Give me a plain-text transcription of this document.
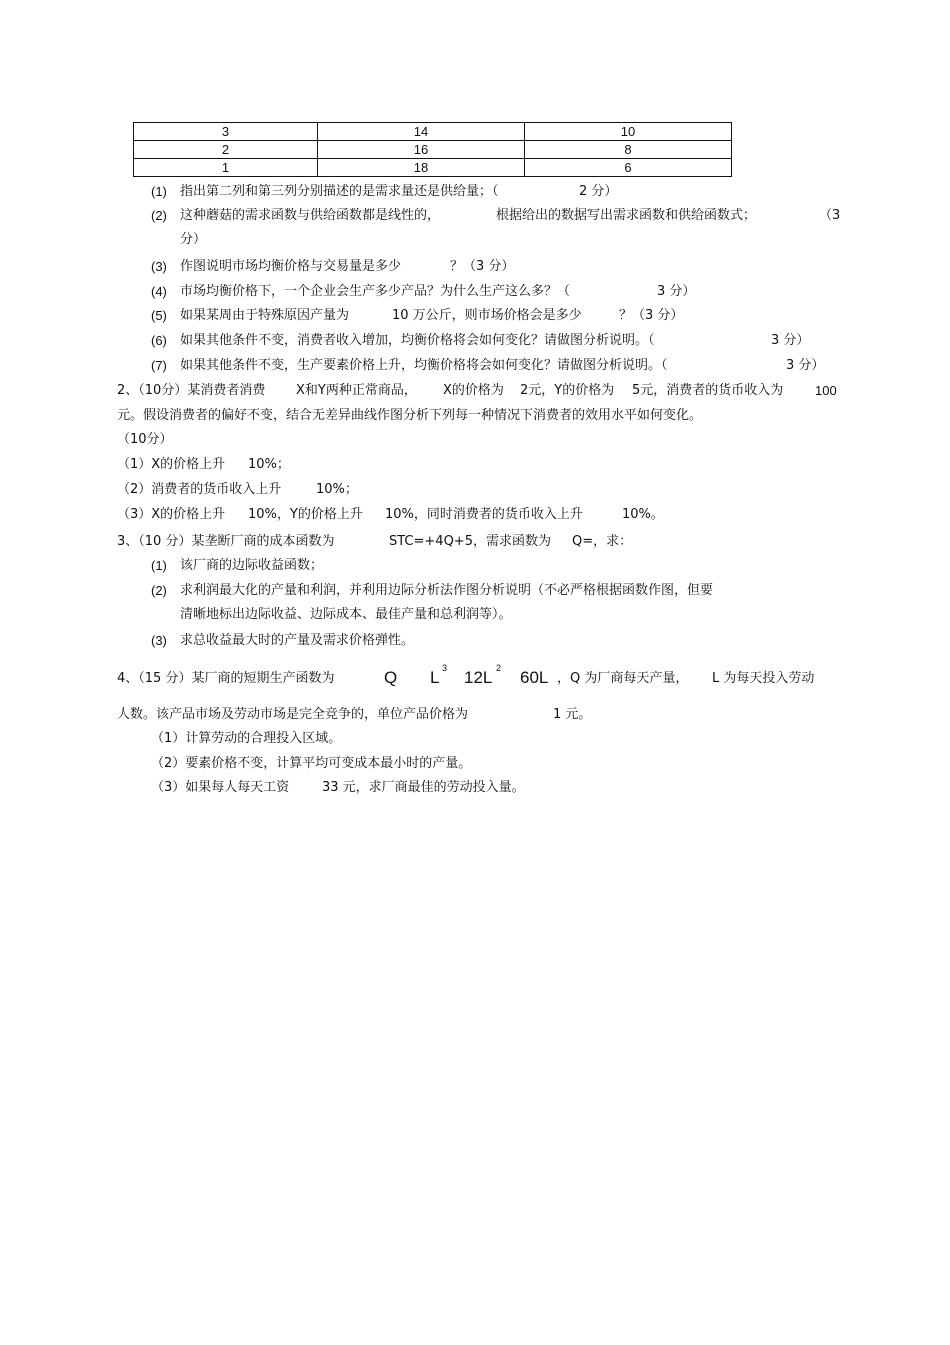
3	14	10
2	16	8
1	18	6
(1) 指出第二列和第三列分别描述的是需求量还是供给量；（	2 分）
(2) 这种蘑菇的需求函数与供给函数都是线性的，	根据给出的数据写出需求函数和供给函数式；	（3
分）
(3) 作图说明市场均衡价格与交易量是多少	？（3 分）
(4) 市场均衡价格下，一个企业会生产多少产品？为什么生产这么多？（	3 分）
(5) 如果某周由于特殊原因产量为	10 万公斤，则市场价格会是多少	？（3 分）
(6) 如果其他条件不变，消费者收入增加，均衡价格将会如何变化？请做图分析说明。（	3 分）
(7) 如果其他条件不变，生产要素价格上升，均衡价格将会如何变化？请做图分析说明。（	3 分）
2、（10分）某消费者消费 X和Y两种正常商品， X的价格为 2元，Y的价格为 5元，消费者的货币收入为 100
元。假设消费者的偏好不变，结合无差异曲线作图分析下列每一种情况下消费者的效用水平如何变化。
（10分）
（1）X的价格上升 10%；
（2）消费者的货币收入上升	10%；
（3）X的价格上升 10%，Y的价格上升 10%，同时消费者的货币收入上升	10%。
3、（10 分）某垄断厂商的成本函数为	STC=+4Q+5，需求函数为 Q=，求：
(1) 该厂商的边际收益函数；
(2) 求利润最大化的产量和利润，并利用边际分析法作图分析说明（不必严格根据函数作图，但要
清晰地标出边际收益、边际成本、最佳产量和总利润等）。
(3) 求总收益最大时的产量及需求价格弹性。
4、（15 分）某厂商的短期生产函数为	Q L 3 12L 2 60L ，Q 为厂商每天产量， L 为每天投入劳动
人数。该产品市场及劳动市场是完全竞争的，单位产品价格为	1 元。
（1）计算劳动的合理投入区域。
（2）要素价格不变，计算平均可变成本最小时的产量。
（3）如果每人每天工资	33 元，求厂商最佳的劳动投入量。
